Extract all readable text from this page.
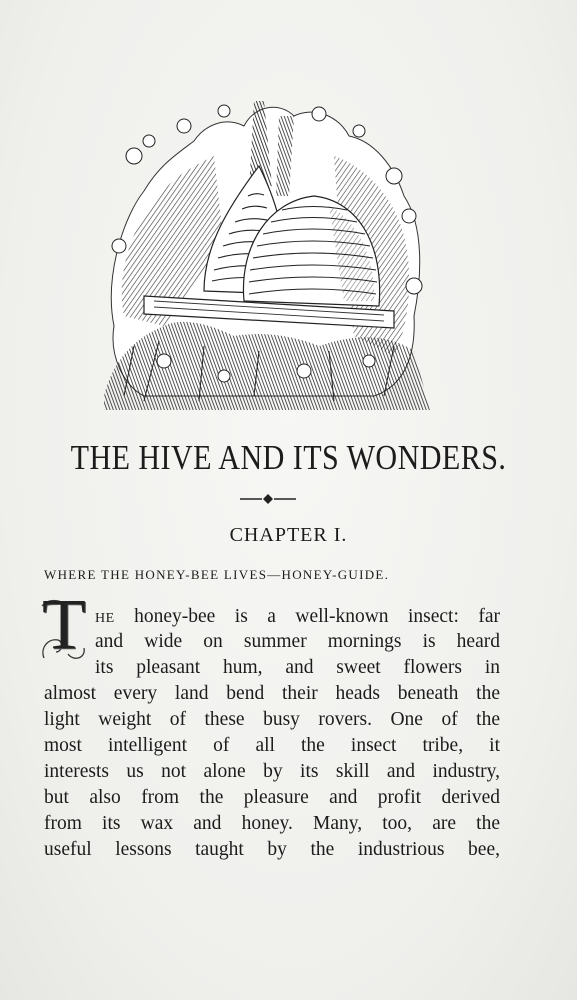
THE HIVE AND ITS WONDERS.
CHAPTER I.
WHERE THE HONEY-BEE LIVES—HONEY-GUIDE.
T HE honey-bee is a well-known insect: far
and wide on summer mornings is heard
its pleasant hum, and sweet flowers in
almost every land bend their heads beneath the
light weight of these busy rovers. One of the
most intelligent of all the insect tribe, it
interests us not alone by its skill and industry,
but also from the pleasure and profit derived
from its wax and honey. Many, too, are the
useful lessons taught by the industrious bee,
